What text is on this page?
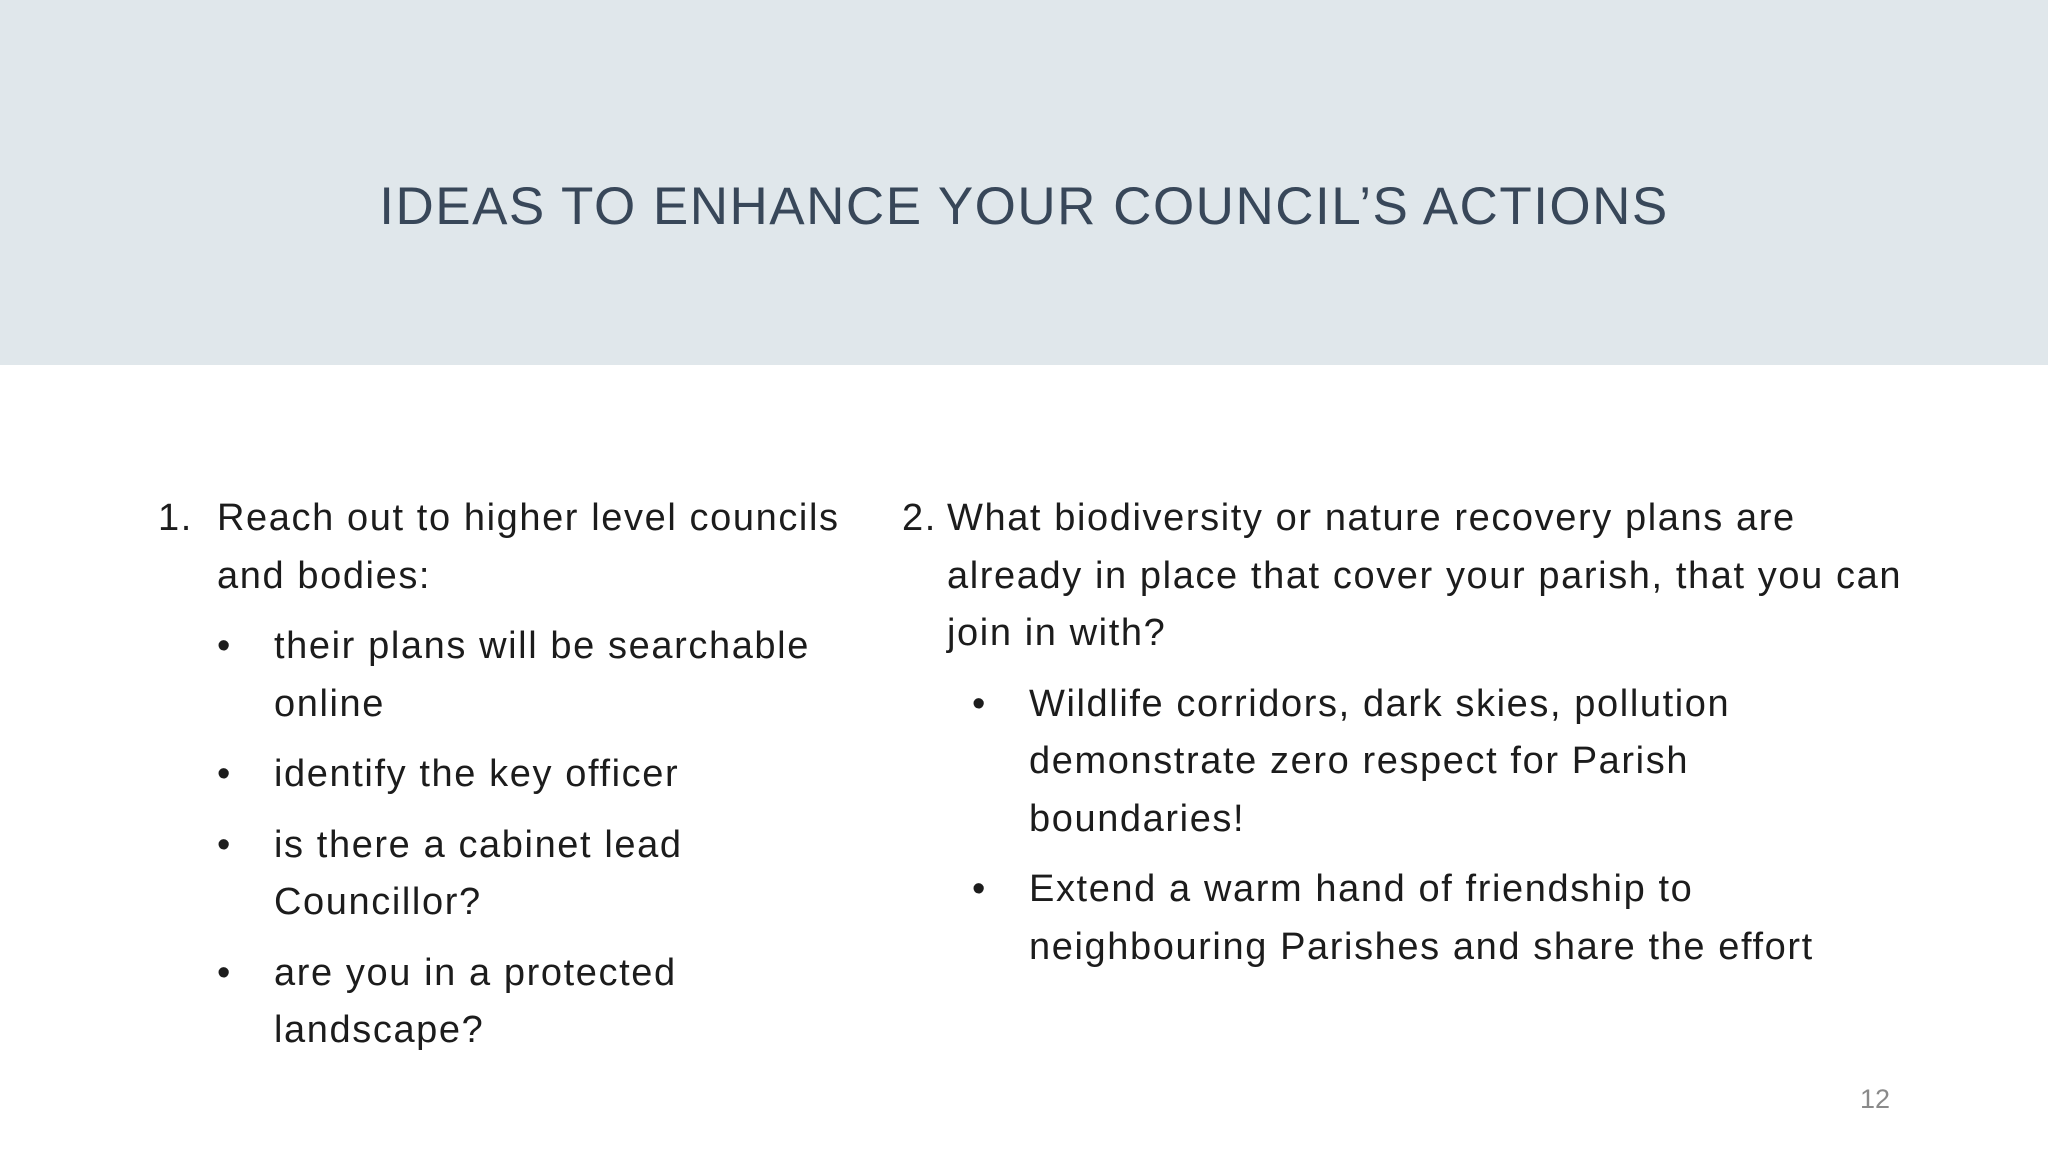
IDEAS TO ENHANCE YOUR COUNCIL’S ACTIONS
1. Reach out to higher level councils and bodies:
• their plans will be searchable online
• identify the key officer
• is there a cabinet lead Councillor?
• are you in a protected landscape?
2. What biodiversity or nature recovery plans are already in place that cover your parish, that you can join in with?
• Wildlife corridors, dark skies, pollution demonstrate zero respect for Parish boundaries!
• Extend a warm hand of friendship to neighbouring Parishes and share the effort
12
